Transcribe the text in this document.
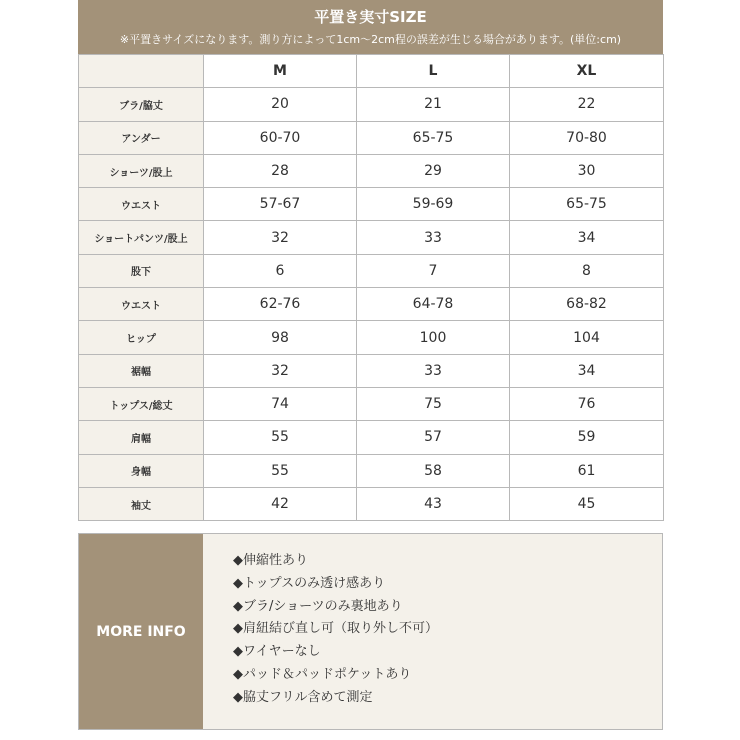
平置き実寸SIZE
※平置きサイズになります。測り方によって1cm～2cm程の誤差が生じる場合があります。(単位:cm)
	M	L	XL
ブラ/脇丈	20	21	22
アンダー	60-70	65-75	70-80
ショーツ/股上	28	29	30
ウエスト	57-67	59-69	65-75
ショートパンツ/股上	32	33	34
股下	6	7	8
ウエスト	62-76	64-78	68-82
ヒップ	98	100	104
裾幅	32	33	34
トップス/総丈	74	75	76
肩幅	55	57	59
身幅	55	58	61
袖丈	42	43	45
MORE INFO
◆伸縮性あり
◆トップスのみ透け感あり
◆ブラ/ショーツのみ裏地あり
◆肩紐結び直し可（取り外し不可）
◆ワイヤーなし
◆パッド＆パッドポケットあり
◆脇丈フリル含めて測定
